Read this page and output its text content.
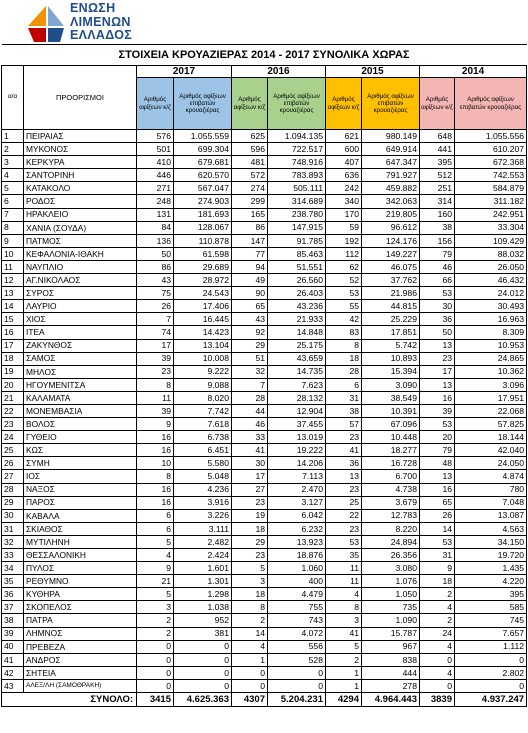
ΕΝΩΣΗ
ΛΙΜΕΝΩΝ
ΕΛΛΑΔΟΣ
ΣΤΟΙΧΕΙΑ ΚΡΟΥΑΖΙΕΡΑΣ 2014 - 2017 ΣΥΝΟΛΙΚΑ ΧΩΡΑΣ									
α/α	ΠΡΟΟΡΙΣΜΟΙ	2017		2016		2015		2014	
		Αριθμός αφίξεων κ/ζ	Αριθμός αφίξεων επιβατών κρουαζιέρας	Αριθμός αφίξεων κ/ζ	Αριθμός αφίξεων επιβατών κρουαζιέρας	Αριθμός αφίξεων κ/ζ	Αριθμός αφίξεων επιβατών κρουαζιέρας	Αριθμός αφίξεων κ/ζ	Αριθμός αφίξεων επιβατών κρουαζιέρας
1	ΠΕΙΡΑΙΑΣ	576	1.055.559	625	1.094.135	621	980.149	648	1.055.556
2	ΜΥΚΟΝΟΣ	501	699.304	596	722.517	600	649.914	441	610.207
3	ΚΕΡΚΥΡΑ	410	679.681	481	748.916	407	647.347	395	672.368
4	ΣΑΝΤΟΡΙΝΗ	446	620.570	572	783.893	636	791.927	512	742.553
5	ΚΑΤΑΚΟΛΟ	271	567.047	274	505.111	242	459.882	251	584.879
6	ΡΟΔΟΣ	248	274.903	299	314.689	340	342.063	314	311.182
7	ΗΡΑΚΛΕΙΟ	131	181.693	165	238.780	170	219.805	160	242.951
8	ΧΑΝΙΑ (ΣΟΥΔΑ)	84	128.067	86	147.915	59	96.612	38	33.304
9	ΠΑΤΜΟΣ	136	110.878	147	91.785	192	124.176	156	109.429
10	ΚΕΦΑΛΟΝΙΑ-ΙΘΑΚΗ	50	61.598	77	85.463	112	149.227	79	88.032
11	ΝΑΥΠΛΙΟ	86	29.689	94	51.551	62	46.075	46	26.050
12	ΑΓ.ΝΙΚΟΛΑΟΣ	43	28.972	49	26.560	52	37.762	66	46.432
13	ΣΥΡΟΣ	75	24.543	90	26.403	53	21.986	53	24.012
14	ΛΑΥΡΙΟ	26	17.406	65	43.236	55	44.815	30	30.493
15	ΧΙΟΣ	7	16.445	43	21.933	42	25.229	36	16.963
16	ΙΤΕΑ	74	14.423	92	14.848	83	17.851	50	8.309
17	ΖΑΚΥΝΘΟΣ	17	13.104	29	25.175	8	5.742	13	10.953
18	ΣΑΜΟΣ	39	10.008	51	43.659	18	10.893	23	24.865
19	ΜΗΛΟΣ	23	9.222	32	14.735	28	15.394	17	10.362
20	ΗΓΟΥΜΕΝΙΤΣΑ	8	9.088	7	7.623	6	3.090	13	3.096
21	ΚΑΛΑΜΑΤΑ	11	8.020	28	28.132	31	38.549	16	17.951
22	ΜΟΝΕΜΒΑΣΙΑ	39	7.742	44	12.904	38	10.391	39	22.068
23	ΒΟΛΟΣ	9	7.618	46	37.455	57	67.096	53	57.825
24	ΓΥΘΕΙΟ	16	6.738	33	13.019	23	10.448	20	18.144
25	ΚΩΣ	16	6.451	41	19.222	41	18.277	79	42.040
26	ΣΥΜΗ	10	5.580	30	14.206	36	16.728	48	24.050
27	ΙΟΣ	8	5.048	17	7.113	13	6.700	13	4.874
28	ΝΑΞΟΣ	16	4.236	27	2.470	23	4.738	16	780
29	ΠΑΡΟΣ	16	3.916	23	3.127	25	3.679	65	7.048
30	ΚΑΒΑΛΑ	6	3.226	19	6.042	22	12.783	26	13.087
31	ΣΚΙΑΘΟΣ	6	3.111	18	6.232	23	8.220	14	4.563
32	ΜΥΤΙΛΗΝΗ	5	2.482	29	13.923	53	24.894	53	34.150
33	ΘΕΣΣΑΛΟΝΙΚΗ	4	2.424	23	18.876	35	26.356	31	19.720
34	ΠΥΛΟΣ	9	1.601	5	1.060	11	3.080	9	1.435
35	ΡΕΘΥΜΝΟ	21	1.301	3	400	11	1.076	18	4.220
36	ΚΥΘΗΡΑ	5	1.298	18	4.479	4	1.050	2	395
37	ΣΚΟΠΕΛΟΣ	3	1.038	8	755	8	735	4	585
38	ΠΑΤΡΑ	2	952	2	743	3	1.090	2	745
39	ΛΗΜΝΟΣ	2	381	14	4.072	41	15.787	24	7.657
40	ΠΡΕΒΕΖΑ	0	0	4	556	5	967	4	1.112
41	ΑΝΔΡΟΣ	0	0	1	528	2	838	0	0
42	ΣΗΤΕΙΑ	0	0	0	0	1	444	4	2.802
43	ΑΛΕΞ/ΛΗ (ΣΑΜΟΘΡΑΚΗ)	0	0	0	0	1	278	0	0
ΣΥΝΟΛΟ:		3415	4.625.363	4307	5.204.231	4294	4.964.443	3839	4.937.247
